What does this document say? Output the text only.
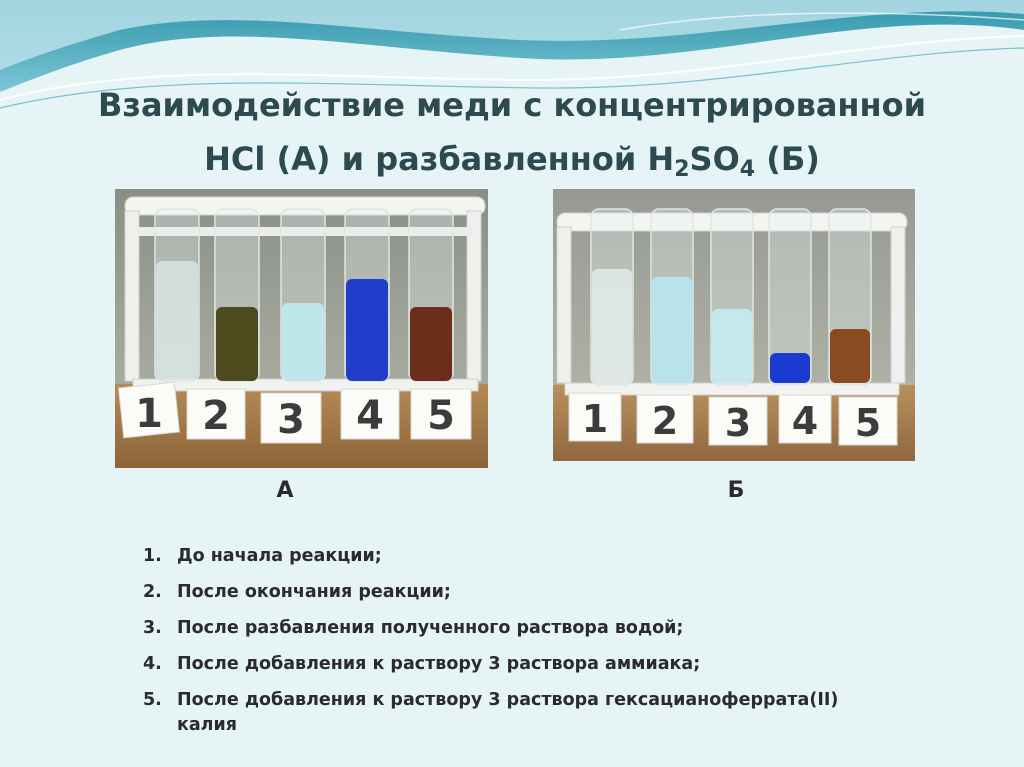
Взаимодействие меди с концентрированной
HCl (А) и разбавленной $H_2SO_4$ (Б)
1 2 3 4 5	1 2 3 4 5
А	Б
1. До начала реакции;
2. После окончания реакции;
3. После разбавления полученного раствора водой;
4. После добавления к раствору 3 раствора аммиака;
5. После добавления к раствору 3 раствора гексацианоферрата(II)
калия
